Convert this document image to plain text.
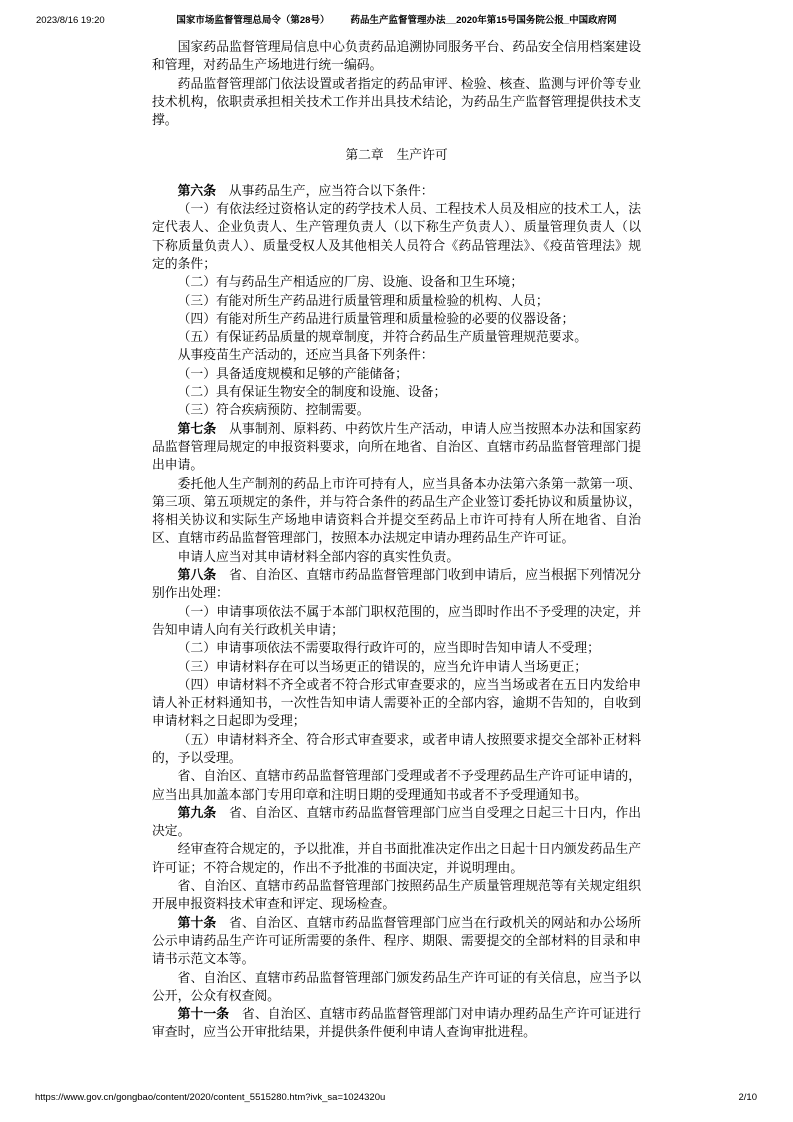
2023/8/16 19:20

	国家市场监督管理总局令（第28号）        药品生产监督管理办法__2020年第15号国务院公报_中国政府网

国家药品监督管理局信息中心负责药品追溯协同服务平台、药品安全信用档案建设和管理，对药品生产场地进行统一编码。

药品监督管理部门依法设置或者指定的药品审评、检验、核查、监测与评价等专业技术机构，依职责承担相关技术工作并出具技术结论，为药品生产监督管理提供技术支撑。

第二章　生产许可

第六条　从事药品生产，应当符合以下条件：

（一）有依法经过资格认定的药学技术人员、工程技术人员及相应的技术工人，法定代表人、企业负责人、生产管理负责人（以下称生产负责人）、质量管理负责人（以下称质量负责人）、质量受权人及其他相关人员符合《药品管理法》、《疫苗管理法》规定的条件；

（二）有与药品生产相适应的厂房、设施、设备和卫生环境；

（三）有能对所生产药品进行质量管理和质量检验的机构、人员；

（四）有能对所生产药品进行质量管理和质量检验的必要的仪器设备；

（五）有保证药品质量的规章制度，并符合药品生产质量管理规范要求。

从事疫苗生产活动的，还应当具备下列条件：

（一）具备适度规模和足够的产能储备；

（二）具有保证生物安全的制度和设施、设备；

（三）符合疾病预防、控制需要。

第七条　从事制剂、原料药、中药饮片生产活动，申请人应当按照本办法和国家药品监督管理局规定的申报资料要求，向所在地省、自治区、直辖市药品监督管理部门提出申请。

委托他人生产制剂的药品上市许可持有人，应当具备本办法第六条第一款第一项、第三项、第五项规定的条件，并与符合条件的药品生产企业签订委托协议和质量协议，将相关协议和实际生产场地申请资料合并提交至药品上市许可持有人所在地省、自治区、直辖市药品监督管理部门，按照本办法规定申请办理药品生产许可证。

申请人应当对其申请材料全部内容的真实性负责。

第八条　省、自治区、直辖市药品监督管理部门收到申请后，应当根据下列情况分别作出处理：

（一）申请事项依法不属于本部门职权范围的，应当即时作出不予受理的决定，并告知申请人向有关行政机关申请；

（二）申请事项依法不需要取得行政许可的，应当即时告知申请人不受理；

（三）申请材料存在可以当场更正的错误的，应当允许申请人当场更正；

（四）申请材料不齐全或者不符合形式审查要求的，应当当场或者在五日内发给申请人补正材料通知书，一次性告知申请人需要补正的全部内容，逾期不告知的，自收到申请材料之日起即为受理；

（五）申请材料齐全、符合形式审查要求，或者申请人按照要求提交全部补正材料的，予以受理。

省、自治区、直辖市药品监督管理部门受理或者不予受理药品生产许可证申请的，应当出具加盖本部门专用印章和注明日期的受理通知书或者不予受理通知书。

第九条　省、自治区、直辖市药品监督管理部门应当自受理之日起三十日内，作出决定。

经审查符合规定的，予以批准，并自书面批准决定作出之日起十日内颁发药品生产许可证；不符合规定的，作出不予批准的书面决定，并说明理由。

省、自治区、直辖市药品监督管理部门按照药品生产质量管理规范等有关规定组织开展申报资料技术审查和评定、现场检查。

第十条　省、自治区、直辖市药品监督管理部门应当在行政机关的网站和办公场所公示申请药品生产许可证所需要的条件、程序、期限、需要提交的全部材料的目录和申请书示范文本等。

省、自治区、直辖市药品监督管理部门颁发药品生产许可证的有关信息，应当予以公开，公众有权查阅。

第十一条　省、自治区、直辖市药品监督管理部门对申请办理药品生产许可证进行审查时，应当公开审批结果，并提供条件便利申请人查询审批进程。

https://www.gov.cn/gongbao/content/2020/content_5515280.htm?ivk_sa=1024320u	2/10
